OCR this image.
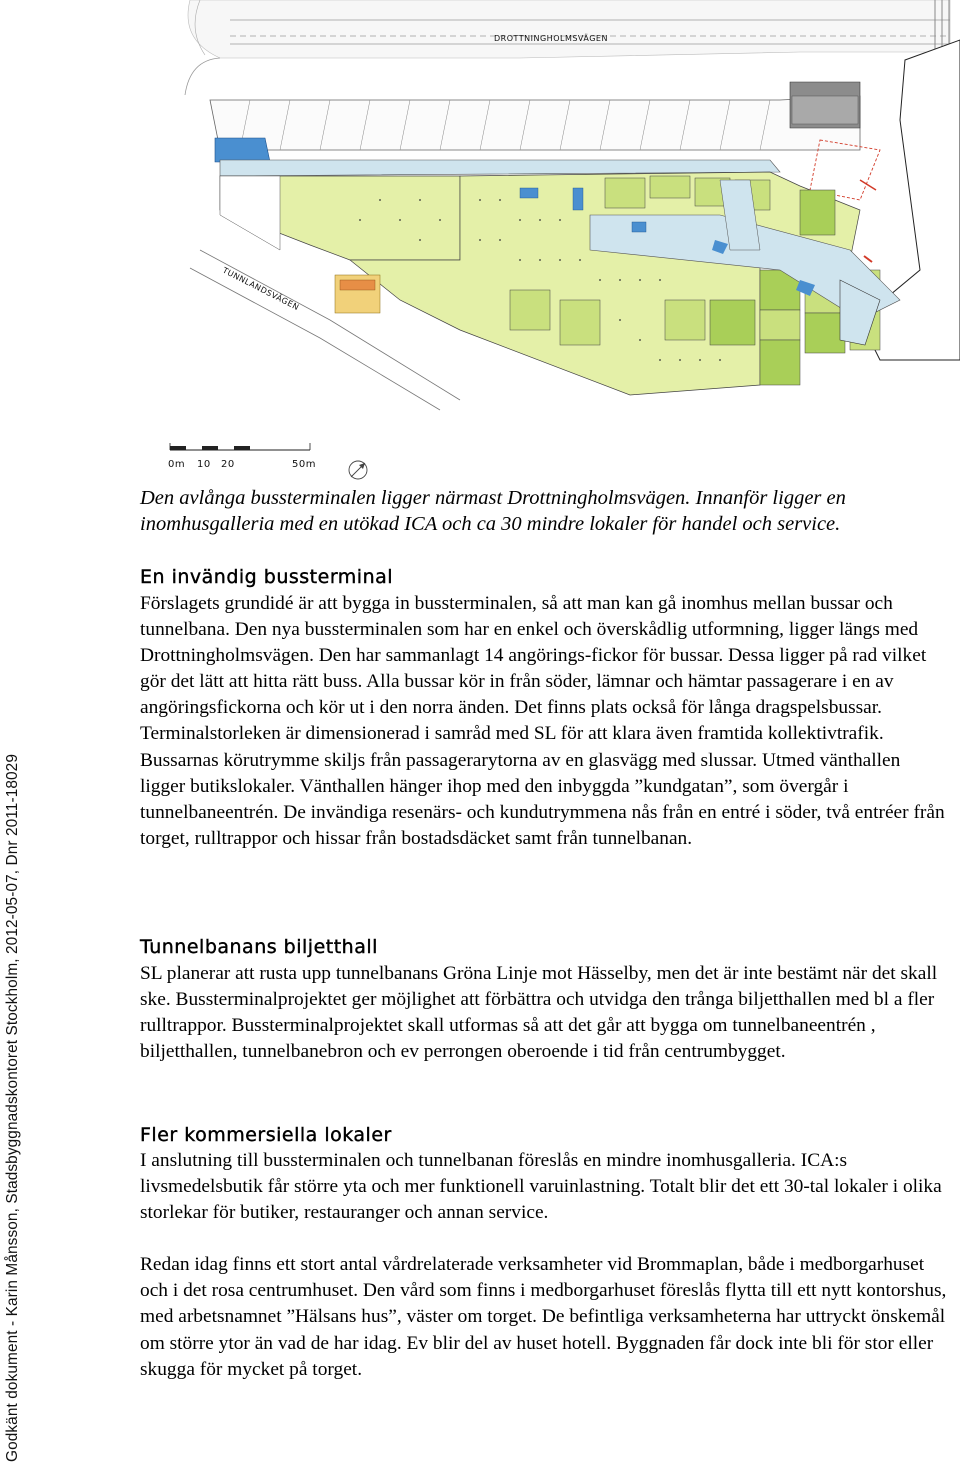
Godkänt dokument - Karin Månsson, Stadsbyggnadskontoret Stockholm, 2012-05-07, Dnr 2011-18029
DROTTNINGHOLMSVÄGEN
TUNNLANDSVÄGEN
0m 10 20	50m
Den avlånga bussterminalen ligger närmast Drottningholmsvägen. Innanför ligger en inomhusgalleria med en utökad ICA och ca 30 mindre lokaler för handel och service.
En invändig bussterminal

Förslagets grundidé är att bygga in bussterminalen, så att man kan gå inomhus mellan bussar och tunnelbana. Den nya bussterminalen som har en enkel och överskådlig utformning, ligger längs med Drottningholmsvägen. Den har sammanlagt 14 angörings-fickor för bussar. Dessa ligger på rad vilket gör det lätt att hitta rätt buss. Alla bussar kör in från söder, lämnar och hämtar passagerare i en av angöringsfickorna och kör ut i den norra änden. Det finns plats också för långa dragspelsbussar. Terminalstorleken är dimensionerad i samråd med SL för att klara även framtida kollektivtrafik. Bussarnas körutrymme skiljs från passagerarytorna av en glasvägg med slussar. Utmed vänthallen ligger butikslokaler. Vänthallen hänger ihop med den inbyggda ”kundgatan”, som övergår i tunnelbaneentrén. De invändiga resenärs- och kundutrymmena nås från en entré i söder, två entréer från torget, rulltrappor och hissar från bostadsdäcket samt från tunnelbanan.

Tunnelbanans biljetthall

SL planerar att rusta upp tunnelbanans Gröna Linje mot Hässelby, men det är inte bestämt när det skall ske. Bussterminalprojektet ger möjlighet att förbättra och utvidga den trånga biljetthallen med bl a fler rulltrappor. Bussterminalprojektet skall utformas så att det går att bygga om tunnelbaneentrén , biljetthallen, tunnelbanebron och ev perrongen oberoende i tid från centrumbygget.

Fler kommersiella lokaler

I anslutning till bussterminalen och tunnelbanan föreslås en mindre inomhusgalleria. ICA:s livsmedelsbutik får större yta och mer funktionell varuinlastning. Totalt blir det ett 30-tal lokaler i olika storlekar för butiker, restauranger och annan service.

Redan idag finns ett stort antal vårdrelaterade verksamheter vid Brommaplan, både i medborgarhuset och i det rosa centrumhuset. Den vård som finns i medborgarhuset föreslås flytta till ett nytt kontorshus, med arbetsnamnet ”Hälsans hus”, väster om torget. De befintliga verksamheterna har uttryckt önskemål om större ytor än vad de har idag. Ev blir del av huset hotell. Byggnaden får dock inte bli för stor eller skugga för mycket på torget.
